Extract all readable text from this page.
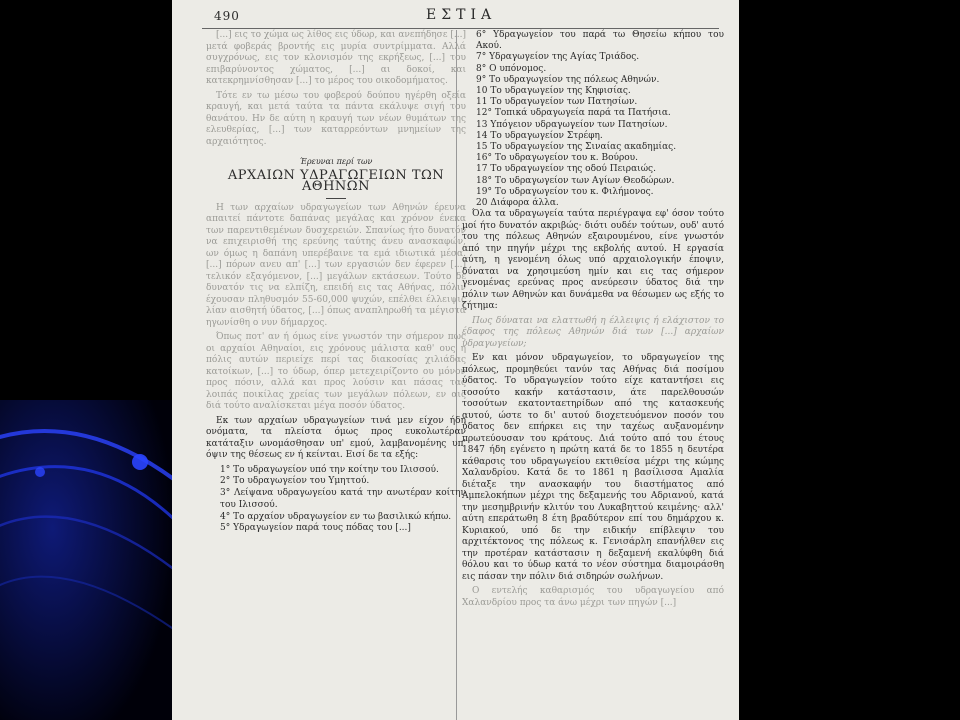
490	ΕΣΤΙΑ

[...] εις το χώμα ως λίθος εις ύδωρ, και ανεπήδησε [...] μετά φοβεράς βροντής εις μυρία συντρίμματα. Αλλά συγχρόνως, εις τον κλονισμόν της εκρήξεως, [...] του επιβαρύνοντος χώματος, [...] αι δοκοί, και κατεκρημνίσθησαν [...] το μέρος του οικοδομήματος.

Τότε εν τω μέσω του φοβερού δούπου ηγέρθη οξεία κραυγή, και μετά ταύτα τα πάντα εκάλυψε σιγή του θανάτου. Ην δε αύτη η κραυγή των νέων θυμάτων της ελευθερίας, [...] των καταρρεόντων μνημείων της αρχαιότητος.

Έρευναι περί των
ΑΡΧΑΙΩΝ ΥΔΡΑΓΩΓΕΙΩΝ ΤΩΝ ΑΘΗΝΩΝ

Η των αρχαίων υδραγωγείων των Αθηνών έρευνα απαιτεί πάντοτε δαπάνας μεγάλας και χρόνον ένεκα των παρεντιθεμένων δυσχερειών. Σπανίως ήτο δυνατόν να επιχειρισθή της ερεύνης ταύτης άνευ ανασκαφών, ων όμως η δαπάνη υπερέβαινε τα εμά ιδιωτικά μέσα. [...] πόρων ανευ απ' [...] των εργασιών δεν έφερεν [...] τελικόν εξαγόμενον, [...] μεγάλων εκτάσεων. Τούτο δε δυνατόν τις να ελπίζη, επειδή εις τας Αθήνας, πόλιν έχουσαν πληθυσμόν 55-60,000 ψυχών, επέλθει έλλειψις λίαν αισθητή ύδατος, [...] όπως αναπληρωθή τα μέγιστα ηγωνίσθη ο νυν δήμαρχος.

Όπως ποτ' αν ή όμως είνε γνωστόν την σήμερον πως οι αρχαίοι Αθηναίοι, εις χρόνους μάλιστα καθ' ους η πόλις αυτών περιείχε περί τας διακοσίας χιλιάδας κατοίκων, [...] το ύδωρ, όπερ μετεχειρίζοντο ου μόνον προς πόσιν, αλλά και προς λούσιν και πάσας τας λοιπάς ποικίλας χρείας των μεγάλων πόλεων, εν αις διά τούτο αναλίσκεται μέγα ποσόν ύδατος.

Εκ των αρχαίων υδραγωγείων τινά μεν είχον ήδη ονόματα, τα πλείστα όμως προς ευκολωτέραν κατάταξιν ωνομάσθησαν υπ' εμού, λαμβανομένης υπ' όψιν της θέσεως εν ή κείνται. Εισί δε τα εξής:

1° Το υδραγωγείον υπό την κοίτην του Ιλισσού.
2° Το υδραγωγείον του Υμηττού.
3° Λείψανα υδραγωγείου κατά την ανωτέραν κοίτην του Ιλισσού.
4° Το αρχαίον υδραγωγείον εν τω βασιλικώ κήπω.
5° Υδραγωγείον παρά τους πόδας του [...]
6° Υδραγωγείον του παρά τω Θησείω κήπου του Ακού.
7° Υδραγωγείον της Αγίας Τριάδος.
8° Ο υπόνομος.
9° Το υδραγωγείον της πόλεως Αθηνών.
10 Το υδραγωγείον της Κηφισίας.
11 Το υδραγωγείον των Πατησίων.
12° Τοπικά υδραγωγεία παρά τα Πατήσια.
13 Υπόγειον υδραγωγείον των Πατησίων.
14 Το υδραγωγείον Στρέφη.
15 Το υδραγωγείον της Σιναίας ακαδημίας.
16° Το υδραγωγείον του κ. Βούρου.
17 Το υδραγωγείον της οδού Πειραιώς.
18° Το υδραγωγείον των Αγίων Θεοδώρων.
19° Το υδραγωγείον του κ. Φιλήμονος.
20 Διάφορα άλλα.

Όλα τα υδραγωγεία ταύτα περιέγραψα εφ' όσον τούτο μοί ήτο δυνατόν ακριβώς· διότι ουδέν τούτων, ουδ' αυτό του της πόλεως Αθηνών εξαιρουμένου, είνε γνωστόν από την πηγήν μέχρι της εκβολής αυτού. Η εργασία αύτη, η γενομένη όλως υπό αρχαιολογικήν έποψιν, δύναται να χρησιμεύση ημίν και εις τας σήμερον γενομένας ερεύνας προς ανεύρεσιν ύδατος διά την πόλιν των Αθηνών και δυνάμεθα να θέσωμεν ως εξής το ζήτημα:

Πως δύναται να ελαττωθή η έλλειψις ή ελάχιστον το έδαφος της πόλεως Αθηνών διά των [...] αρχαίων υδραγωγείων;

Εν και μόνον υδραγωγείον, το υδραγωγείον της πόλεως, προμηθεύει τανύν τας Αθήνας διά ποσίμου ύδατος. Το υδραγωγείον τούτο είχε καταντήσει εις τοσούτο κακήν κατάστασιν, άτε παρελθουσών τοσούτων εκατονταετηρίδων από της κατασκευής αυτού, ώστε το δι' αυτού διοχετευόμενον ποσόν του ύδατος δεν επήρκει εις την ταχέως αυξανομένην πρωτεύουσαν του κράτους. Διά τούτο από του έτους 1847 ήδη εγένετο η πρώτη κατά δε το 1855 η δευτέρα κάθαρσις του υδραγωγείου εκτιθείσα μέχρι της κώμης Χαλανδρίου. Κατά δε το 1861 η βασίλισσα Αμαλία διέταξε την ανασκαφήν του διαστήματος από Αμπελοκήπων μέχρι της δεξαμενής του Αδριανού, κατά την μεσημβρινήν κλιτύν του Λυκαβηττού κειμένης· αλλ' αύτη επεράτωθη 8 έτη βραδύτερον επί του δημάρχου κ. Κυριακού, υπό δε την ειδικήν επίβλεψιν του αρχιτέκτονος της πόλεως κ. Γενισάρλη επανήλθεν εις την προτέραν κατάστασιν η δεξαμενή εκαλύφθη διά θόλου και το ύδωρ κατά το νέον σύστημα διαμοιράσθη εις πάσαν την πόλιν διά σιδηρών σωλήνων.

Ο εντελής καθαρισμός του υδραγωγείου από Χαλανδρίου προς τα άνω μέχρι των πηγών [...]
